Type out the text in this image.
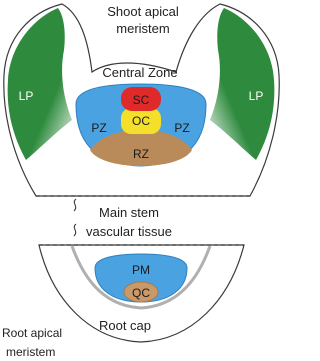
Shoot apical
meristem
Central Zone
LP	LP
SC
OC
PZ	PZ
RZ
Main stem
vascular tissue
PM
QC
Root cap
Root apical
meristem
